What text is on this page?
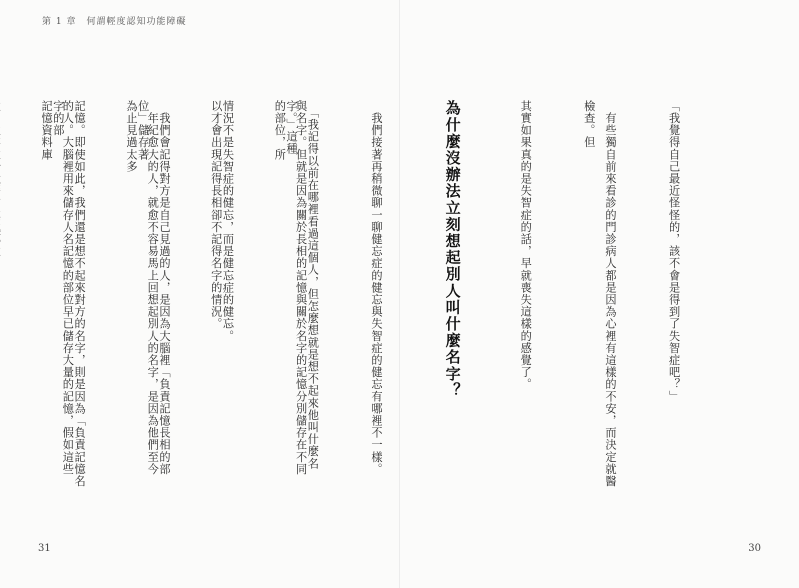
第 1 章　何謂輕度認知功能障礙

「我覺得自己最近怪怪的，該不會是得到了失智症吧？」

　有些獨自前來看診的門診病人都是因為心裡有這樣的不安，而決定就醫檢查。但

其實如果真的是失智症的話，早就喪失這樣的感覺了。

為什麼沒辦法立刻想起別人叫什麼名字？

　我們接著再稍微聊一聊健忘症的健忘與失智症的健忘有哪裡不一樣。

　「我記得以前在哪裡看過這個人，但怎麼想就是想不起來他叫什麼名字。」這種

情況不是失智症的健忘，而是健忘症的健忘。

　我們會記得對方是自己見過的人，是因為大腦裡「負責記憶長相的部位」儲存著

記憶。即使如此，我們還是想不起來對方的名字，則是因為「負責記憶名字的部

	與名字。但就是因為關於長相的記憶與關於名字的記憶分別儲存在不同的部位，所

以才會出現記得長相卻不記得名字的情況。

　年紀愈大的人，就愈不容易馬上回想起別人的名字，是因為他們至今為止見過太多

的人。大腦裡用來儲存人名記憶的部位早已儲存大量的記憶，假如這些記憶資料庫

31	30
